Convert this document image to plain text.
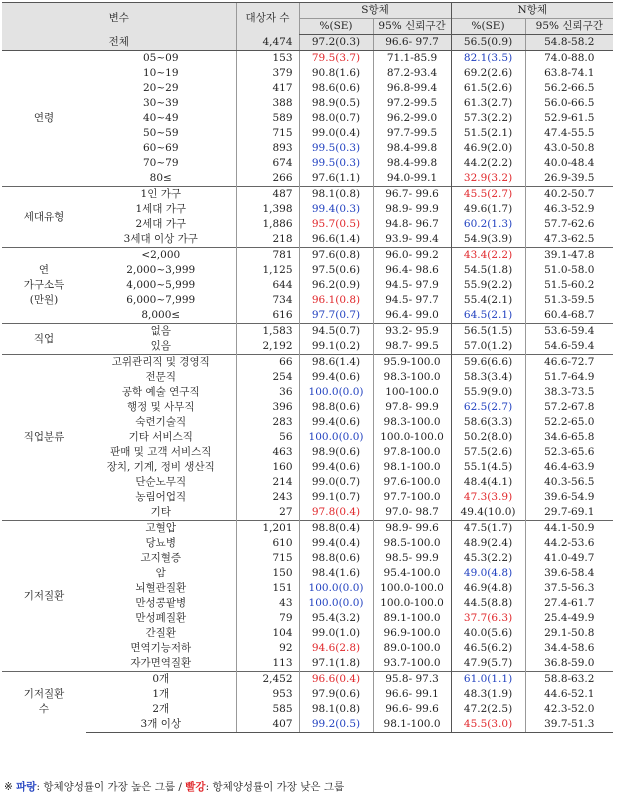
변수		대상자 수	S항체		N항체	
			%(SE)	95% 신뢰구간	%(SE)	95% 신뢰구간
전체		4,474	97.2(0.3)	96.6- 97.7	56.5(0.9)	54.8-58.2
연령	05~09	153	79.5(3.7)	71.1-85.9	82.1(3.5)	74.0-88.0
	10~19	379	90.8(1.6)	87.2-93.4	69.2(2.6)	63.8-74.1
	20~29	417	98.6(0.6)	96.8-99.4	61.5(2.6)	56.2-66.5
	30~39	388	98.9(0.5)	97.2-99.5	61.3(2.7)	56.0-66.5
	40~49	589	98.0(0.7)	96.2-99.0	57.3(2.2)	52.9-61.5
	50~59	715	99.0(0.4)	97.7-99.5	51.5(2.1)	47.4-55.5
	60~69	893	99.5(0.3)	98.4-99.8	46.9(2.0)	43.0-50.8
	70~79	674	99.5(0.3)	98.4-99.8	44.2(2.2)	40.0-48.4
	80≤	266	97.6(1.1)	94.0-99.1	32.9(3.2)	26.9-39.5
세대유형	1인 가구	487	98.1(0.8)	96.7- 99.6	45.5(2.7)	40.2-50.7
	1세대 가구	1,398	99.4(0.3)	98.9- 99.9	49.6(1.7)	46.3-52.9
	2세대 가구	1,886	95.7(0.5)	94.8- 96.7	60.2(1.3)	57.7-62.6
	3세대 이상 가구	218	96.6(1.4)	93.9- 99.4	54.9(3.9)	47.3-62.5
연
가구소득
(만원)	<2,000	781	97.6(0.8)	96.0- 99.2	43.4(2.2)	39.1-47.8
	2,000~3,999	1,125	97.5(0.6)	96.4- 98.6	54.5(1.8)	51.0-58.0
	4,000~5,999	644	96.2(0.9)	94.5- 97.9	55.9(2.2)	51.5-60.2
	6,000~7,999	734	96.1(0.8)	94.5- 97.7	55.4(2.1)	51.3-59.5
	8,000≤	616	97.7(0.7)	96.4- 99.0	64.5(2.1)	60.4-68.7
직업	없음	1,583	94.5(0.7)	93.2- 95.9	56.5(1.5)	53.6-59.4
	있음	2,192	99.1(0.2)	98.7- 99.5	57.0(1.2)	54.6-59.4
직업분류	고위관리직 및 경영직	66	98.6(1.4)	95.9-100.0	59.6(6.6)	46.6-72.7
	전문직	254	99.4(0.6)	98.3-100.0	58.3(3.4)	51.7-64.9
	공학 예술 연구직	36	100.0(0.0)	100-100.0	55.9(9.0)	38.3-73.5
	행정 및 사무직	396	98.8(0.6)	97.8- 99.9	62.5(2.7)	57.2-67.8
	숙련기술직	283	99.4(0.6)	98.3-100.0	58.6(3.3)	52.2-65.0
	기타 서비스직	56	100.0(0.0)	100.0-100.0	50.2(8.0)	34.6-65.8
	판매 및 고객 서비스직	463	98.9(0.6)	97.8-100.0	57.5(2.6)	52.3-65.6
	장치, 기계, 정비 생산직	160	99.4(0.6)	98.1-100.0	55.1(4.5)	46.4-63.9
	단순노무직	214	99.0(0.7)	97.6-100.0	48.4(4.1)	40.3-56.5
	농림어업직	243	99.1(0.7)	97.7-100.0	47.3(3.9)	39.6-54.9
	기타	27	97.8(0.4)	97.0- 98.7	49.4(10.0)	29.7-69.1
기저질환	고혈압	1,201	98.8(0.4)	98.9- 99.6	47.5(1.7)	44.1-50.9
	당뇨병	610	99.4(0.4)	98.5-100.0	48.9(2.4)	44.2-53.6
	고지혈증	715	98.8(0.6)	98.5- 99.9	45.3(2.2)	41.0-49.7
	암	150	98.4(1.6)	95.4-100.0	49.0(4.8)	39.6-58.4
	뇌혈관질환	151	100.0(0.0)	100.0-100.0	46.9(4.8)	37.5-56.3
	만성콩팥병	43	100.0(0.0)	100.0-100.0	44.5(8.8)	27.4-61.7
	만성폐질환	79	95.4(3.2)	89.1-100.0	37.7(6.3)	25.4-49.9
	간질환	104	99.0(1.0)	96.9-100.0	40.0(5.6)	29.1-50.8
	면역기능저하	92	94.6(2.8)	89.0-100.0	46.5(6.2)	34.4-58.6
	자가면역질환	113	97.1(1.8)	93.7-100.0	47.9(5.7)	36.8-59.0
기저질환
수	0개	2,452	96.6(0.4)	95.8- 97.3	61.0(1.1)	58.8-63.2
	1개	953	97.9(0.6)	96.6- 99.1	48.3(1.9)	44.6-52.1
	2개	585	98.1(0.8)	96.6- 99.6	47.2(2.5)	42.3-52.0
	3개 이상	407	99.2(0.5)	98.1-100.0	45.5(3.0)	39.7-51.3
※ 파랑: 항체양성률이 가장 높은 그룹 / 빨강: 항체양성률이 가장 낮은 그룹
